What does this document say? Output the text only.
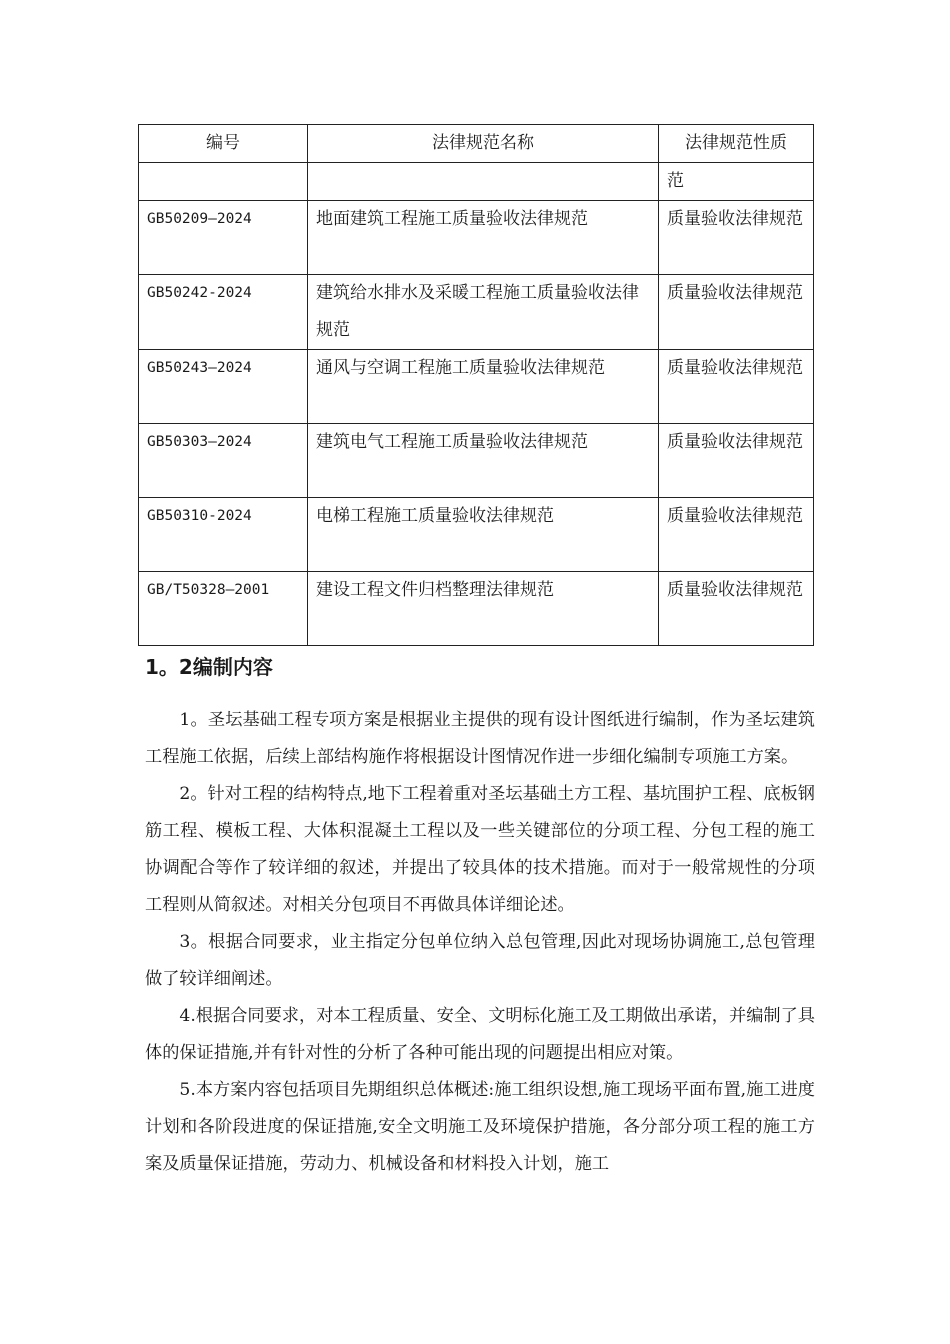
编号	法律规范名称	法律规范性质
		范
GB50209—2024	地面建筑工程施工质量验收法律规范	质量验收法律规范
GB50242-2024	建筑给水排水及采暖工程施工质量验收法律规范	质量验收法律规范
GB50243—2024	通风与空调工程施工质量验收法律规范	质量验收法律规范
GB50303—2024	建筑电气工程施工质量验收法律规范	质量验收法律规范
GB50310-2024	电梯工程施工质量验收法律规范	质量验收法律规范
GB/T50328—2001	建设工程文件归档整理法律规范	质量验收法律规范
1。2编制内容

1。圣坛基础工程专项方案是根据业主提供的现有设计图纸进行编制，作为圣坛建筑工程施工依据，后续上部结构施作将根据设计图情况作进一步细化编制专项施工方案。

2。针对工程的结构特点,地下工程着重对圣坛基础土方工程、基坑围护工程、底板钢筋工程、模板工程、大体积混凝土工程以及一些关键部位的分项工程、分包工程的施工协调配合等作了较详细的叙述，并提出了较具体的技术措施。而对于一般常规性的分项工程则从简叙述。对相关分包项目不再做具体详细论述。

3。根据合同要求，业主指定分包单位纳入总包管理,因此对现场协调施工,总包管理做了较详细阐述。

4.根据合同要求，对本工程质量、安全、文明标化施工及工期做出承诺，并编制了具体的保证措施,并有针对性的分析了各种可能出现的问题提出相应对策。

5.本方案内容包括项目先期组织总体概述:施工组织设想,施工现场平面布置,施工进度计划和各阶段进度的保证措施,安全文明施工及环境保护措施，各分部分项工程的施工方案及质量保证措施，劳动力、机械设备和材料投入计划，施工
